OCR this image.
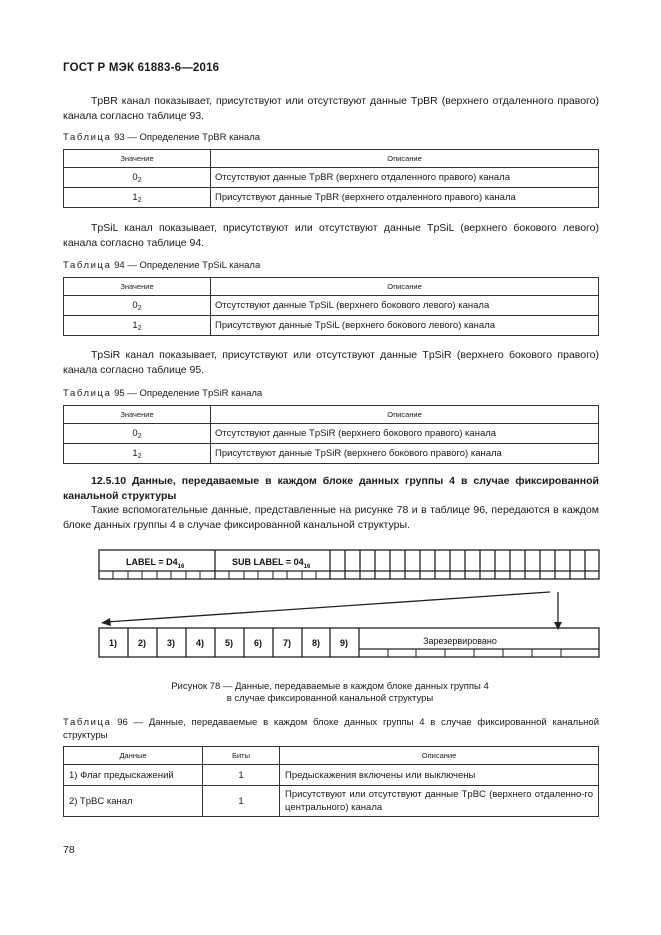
ГОСТ Р МЭК 61883-6—2016
TpBR канал показывает, присутствуют или отсутствуют данные TpBR (верхнего отдаленного правого) канала согласно таблице 93.
Таблица 93 — Определение TpBR канала
Значение	Описание
$0_2$	Отсутствуют данные TpBR (верхнего отдаленного правого) канала
$1_2$	Присутствуют данные TpBR (верхнего отдаленного правого) канала
TpSiL канал показывает, присутствуют или отсутствуют данные TpSiL (верхнего бокового левого) канала согласно таблице 94.
Таблица 94 — Определение TpSiL канала
Значение	Описание
$0_2$	Отсутствуют данные TpSiL (верхнего бокового левого) канала
$1_2$	Присутствуют данные TpSiL (верхнего бокового левого) канала
TpSiR канал показывает, присутствуют или отсутствуют данные TpSiR (верхнего бокового правого) канала согласно таблице 95.
Таблица 95 — Определение TpSiR канала
Значение	Описание
$0_2$	Отсутствуют данные TpSiR (верхнего бокового правого) канала
$1_2$	Присутствуют данные TpSiR (верхнего бокового правого) канала
12.5.10 Данные, передаваемые в каждом блоке данных группы 4 в случае фиксированной канальной структуры
Такие вспомогательные данные, представленные на рисунке 78 и в таблице 96, передаются в каждом блоке данных группы 4 в случае фиксированной канальной структуры.
LABEL = $D4_{16}$	SUB LABEL = $04_{16}$
1) 2) 3) 4) 5) 6) 7) 8) 9)	Зарезервировано
Рисунок 78 — Данные, передаваемые в каждом блоке данных группы 4
в случае фиксированной канальной структуры
Таблица 96 — Данные, передаваемые в каждом блоке данных группы 4 в случае фиксированной канальной структуры
Данные	Биты	Описание
1) Флаг предыскажений	1	Предыскажения включены или выключены
2) TpBC канал	1	Присутствуют или отсутствуют данные TpBC (верхнего отдаленно-го центрального) канала
78
